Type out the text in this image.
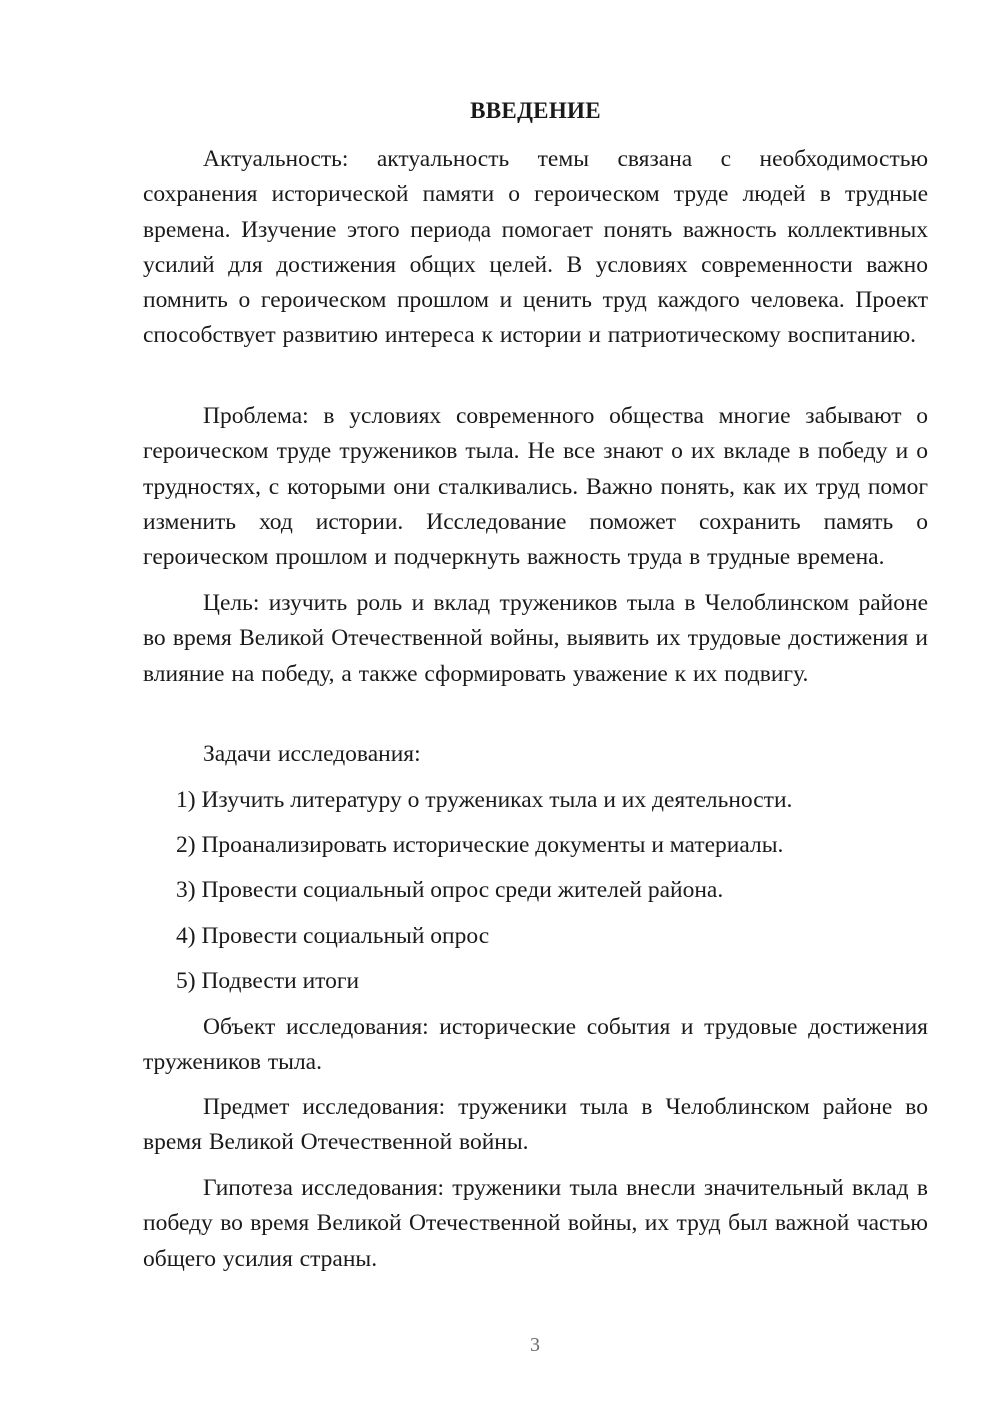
ВВЕДЕНИЕ

Актуальность: актуальность темы связана с необходимостью сохранения исторической памяти о героическом труде людей в трудные времена. Изучение этого периода помогает понять важность коллективных усилий для достижения общих целей. В условиях современности важно помнить о героическом прошлом и ценить труд каждого человека. Проект способствует развитию интереса к истории и патриотическому воспитанию.

Проблема: в условиях современного общества многие забывают о героическом труде тружеников тыла. Не все знают о их вкладе в победу и о трудностях, с которыми они сталкивались. Важно понять, как их труд помог изменить ход истории. Исследование поможет сохранить память о героическом прошлом и подчеркнуть важность труда в трудные времена.

Цель: изучить роль и вклад тружеников тыла в Челоблинском районе во время Великой Отечественной войны, выявить их трудовые достижения и влияние на победу, а также сформировать уважение к их подвигу.

Задачи исследования:

1) Изучить литературу о тружениках тыла и их деятельности.

2) Проанализировать исторические документы и материалы.

3) Провести социальный опрос среди жителей района.

4) Провести социальный опрос

5) Подвести итоги

Объект исследования: исторические события и трудовые достижения тружеников тыла.

Предмет исследования: труженики тыла в Челоблинском районе во время Великой Отечественной войны.

Гипотеза исследования: труженики тыла внесли значительный вклад в победу во время Великой Отечественной войны, их труд был важной частью общего усилия страны.

3
